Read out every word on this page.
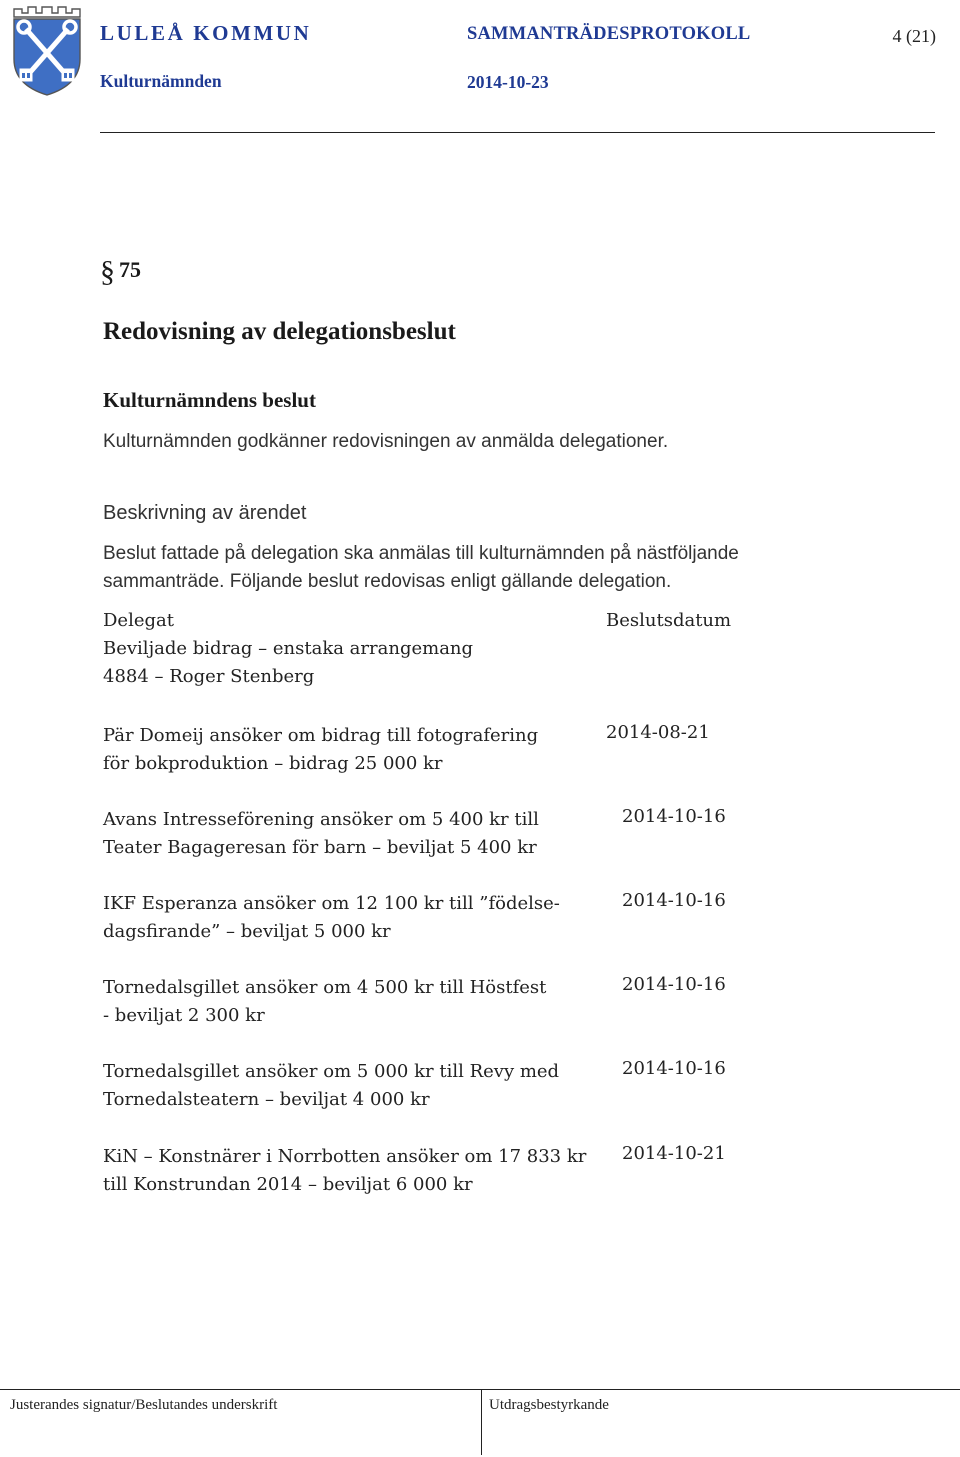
LULEÅ KOMMUN
Kulturnämnden
SAMMANTRÄDESPROTOKOLL
2014-10-23
4 (21)
§ 75
Redovisning av delegationsbeslut
Kulturnämndens beslut
Kulturnämnden godkänner redovisningen av anmälda delegationer.
Beskrivning av ärendet
Beslut fattade på delegation ska anmälas till kulturnämnden på nästföljande
sammanträde. Följande beslut redovisas enligt gällande delegation.
Delegat	Beslutsdatum
Beviljade bidrag – enstaka arrangemang
4884 – Roger Stenberg
Pär Domeij ansöker om bidrag till fotografering
för bokproduktion – bidrag 25 000 kr
2014-08-21
Avans Intresseförening ansöker om 5 400 kr till
Teater Bagageresan för barn – beviljat 5 400 kr
2014-10-16
IKF Esperanza ansöker om 12 100 kr till ”födelse-
dagsfirande” – beviljat 5 000 kr
2014-10-16
Tornedalsgillet ansöker om 4 500 kr till Höstfest
- beviljat 2 300 kr
2014-10-16
Tornedalsgillet ansöker om 5 000 kr till Revy med
Tornedalsteatern – beviljat 4 000 kr
2014-10-16
KiN – Konstnärer i Norrbotten ansöker om 17 833 kr
till Konstrundan 2014 – beviljat 6 000 kr
2014-10-21
Justerandes signatur/Beslutandes underskrift	Utdragsbestyrkande
